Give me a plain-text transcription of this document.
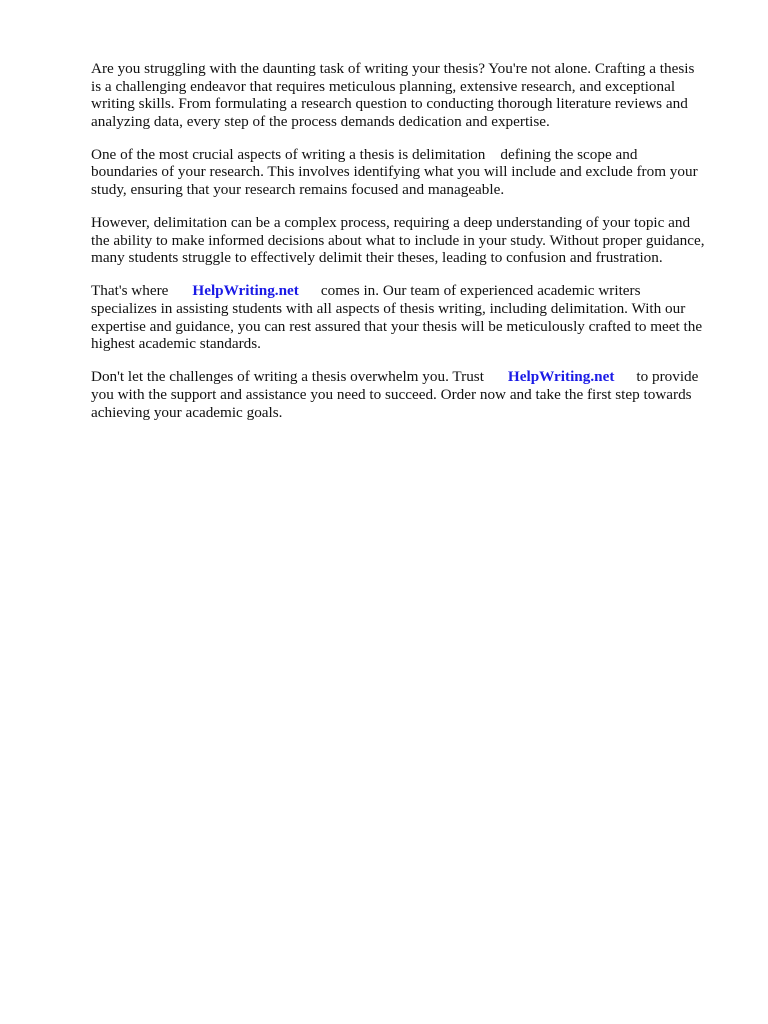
Are you struggling with the daunting task of writing your thesis? You're not alone. Crafting a thesis
is a challenging endeavor that requires meticulous planning, extensive research, and exceptional
writing skills. From formulating a research question to conducting thorough literature reviews and
analyzing data, every step of the process demands dedication and expertise.

One of the most crucial aspects of writing a thesis is delimitation defining the scope and
boundaries of your research. This involves identifying what you will include and exclude from your
study, ensuring that your research remains focused and manageable.

However, delimitation can be a complex process, requiring a deep understanding of your topic and
the ability to make informed decisions about what to include in your study. Without proper guidance,
many students struggle to effectively delimit their theses, leading to confusion and frustration.

That's where HelpWriting.net comes in. Our team of experienced academic writers
specializes in assisting students with all aspects of thesis writing, including delimitation. With our
expertise and guidance, you can rest assured that your thesis will be meticulously crafted to meet the
highest academic standards.

Don't let the challenges of writing a thesis overwhelm you. Trust HelpWriting.net to provide
you with the support and assistance you need to succeed. Order now and take the first step towards
achieving your academic goals.
